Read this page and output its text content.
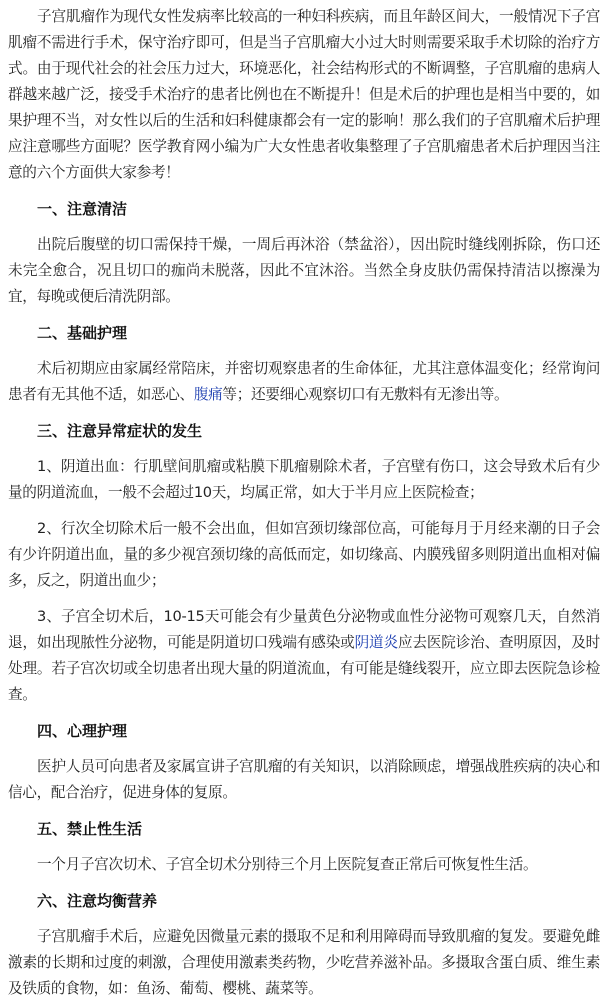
子宫肌瘤作为现代女性发病率比较高的一种妇科疾病，而且年龄区间大，一般情况下子宫肌瘤不需进行手术，保守治疗即可，但是当子宫肌瘤大小过大时则需要采取手术切除的治疗方式。由于现代社会的社会压力过大，环境恶化，社会结构形式的不断调整，子宫肌瘤的患病人群越来越广泛，接受手术治疗的患者比例也在不断提升！但是术后的护理也是相当中要的，如果护理不当，对女性以后的生活和妇科健康都会有一定的影响！那么我们的子宫肌瘤术后护理应注意哪些方面呢？医学教育网小编为广大女性患者收集整理了子宫肌瘤患者术后护理因当注意的六个方面供大家参考！

一、注意清洁

出院后腹壁的切口需保持干燥，一周后再沐浴（禁盆浴），因出院时缝线刚拆除，伤口还未完全愈合，况且切口的痂尚未脱落，因此不宜沐浴。当然全身皮肤仍需保持清洁以擦澡为宜，每晚或便后清洗阴部。

二、基础护理

术后初期应由家属经常陪床，并密切观察患者的生命体征，尤其注意体温变化；经常询问患者有无其他不适，如恶心、腹痛等；还要细心观察切口有无敷料有无渗出等。

三、注意异常症状的发生

1、阴道出血：行肌壁间肌瘤或粘膜下肌瘤剔除术者，子宫壁有伤口，这会导致术后有少量的阴道流血，一般不会超过10天，均属正常，如大于半月应上医院检查；

2、行次全切除术后一般不会出血，但如宫颈切缘部位高，可能每月于月经来潮的日子会有少许阴道出血，量的多少视宫颈切缘的高低而定，如切缘高、内膜残留多则阴道出血相对偏多，反之，阴道出血少；

3、子宫全切术后，10-15天可能会有少量黄色分泌物或血性分泌物可观察几天，自然消退，如出现脓性分泌物，可能是阴道切口残端有感染或阴道炎应去医院诊治、查明原因，及时处理。若子宫次切或全切患者出现大量的阴道流血，有可能是缝线裂开，应立即去医院急诊检查。

四、心理护理

医护人员可向患者及家属宣讲子宫肌瘤的有关知识，以消除顾虑，增强战胜疾病的决心和信心，配合治疗，促进身体的复原。

五、禁止性生活

一个月子宫次切术、子宫全切术分别待三个月上医院复查正常后可恢复性生活。

六、注意均衡营养

子宫肌瘤手术后，应避免因微量元素的摄取不足和利用障碍而导致肌瘤的复发。要避免雌激素的长期和过度的刺激，合理使用激素类药物，少吃营养滋补品。多摄取含蛋白质、维生素及铁质的食物，如：鱼汤、葡萄、樱桃、蔬菜等。
